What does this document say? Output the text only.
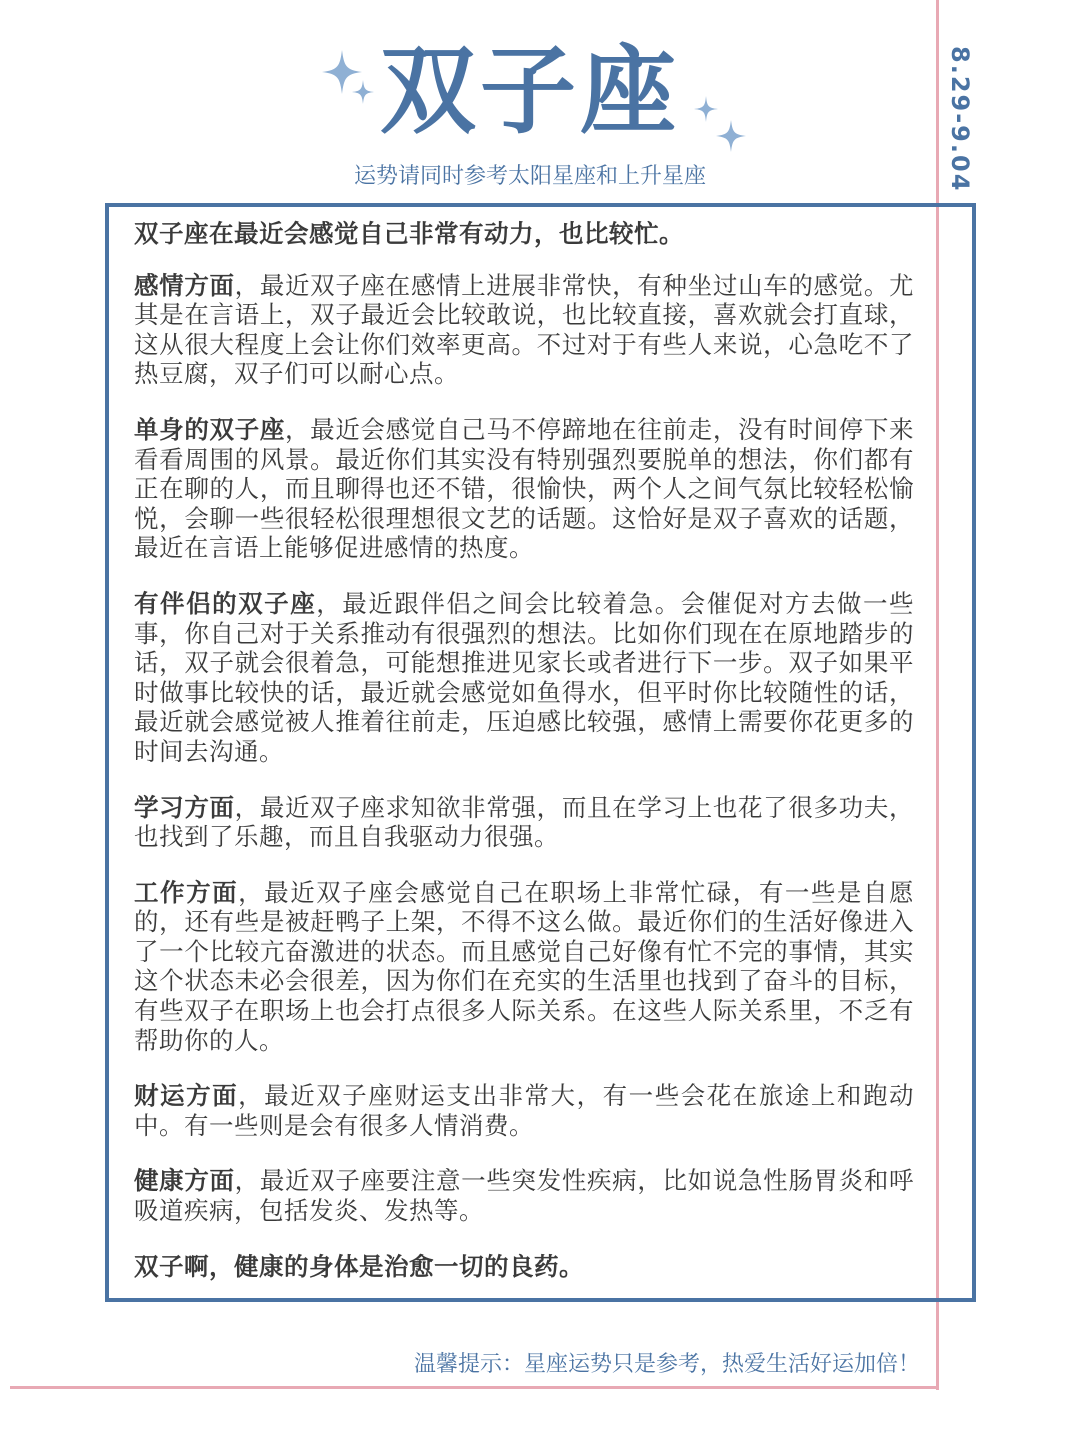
8.29-9.04
双子座
运势请同时参考太阳星座和上升星座

双子座在最近会感觉自己非常有动力，也比较忙。

感情方面，最近双子座在感情上进展非常快，有种坐过山车的感觉。尤其是在言语上，双子最近会比较敢说，也比较直接，喜欢就会打直球，这从很大程度上会让你们效率更高。不过对于有些人来说，心急吃不了热豆腐，双子们可以耐心点。

单身的双子座，最近会感觉自己马不停蹄地在往前走，没有时间停下来看看周围的风景。最近你们其实没有特别强烈要脱单的想法，你们都有正在聊的人，而且聊得也还不错，很愉快，两个人之间气氛比较轻松愉悦，会聊一些很轻松很理想很文艺的话题。这恰好是双子喜欢的话题，最近在言语上能够促进感情的热度。

有伴侣的双子座，最近跟伴侣之间会比较着急。会催促对方去做一些事，你自己对于关系推动有很强烈的想法。比如你们现在在原地踏步的话，双子就会很着急，可能想推进见家长或者进行下一步。双子如果平时做事比较快的话，最近就会感觉如鱼得水，但平时你比较随性的话，最近就会感觉被人推着往前走，压迫感比较强，感情上需要你花更多的时间去沟通。

学习方面，最近双子座求知欲非常强，而且在学习上也花了很多功夫，也找到了乐趣，而且自我驱动力很强。

工作方面，最近双子座会感觉自己在职场上非常忙碌，有一些是自愿的，还有些是被赶鸭子上架，不得不这么做。最近你们的生活好像进入了一个比较亢奋激进的状态。而且感觉自己好像有忙不完的事情，其实这个状态未必会很差，因为你们在充实的生活里也找到了奋斗的目标，有些双子在职场上也会打点很多人际关系。在这些人际关系里，不乏有帮助你的人。

财运方面，最近双子座财运支出非常大，有一些会花在旅途上和跑动中。有一些则是会有很多人情消费。

健康方面，最近双子座要注意一些突发性疾病，比如说急性肠胃炎和呼吸道疾病，包括发炎、发热等。

双子啊，健康的身体是治愈一切的良药。

温馨提示：星座运势只是参考，热爱生活好运加倍！
